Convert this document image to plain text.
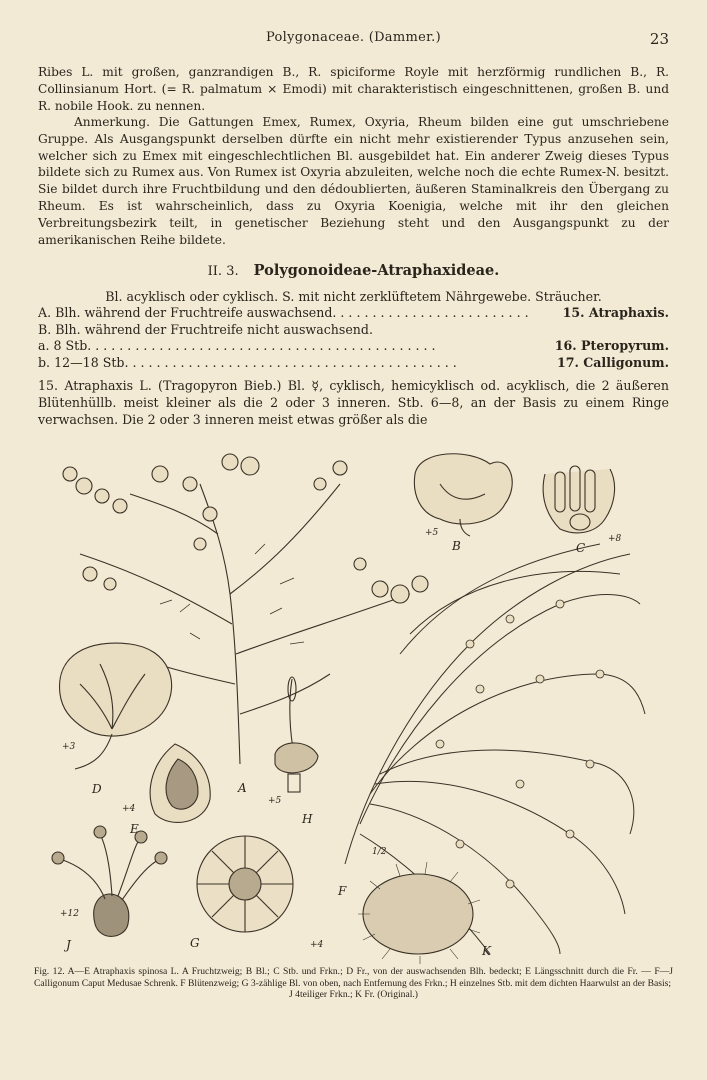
Polygonaceae. (Dammer.)	23
Ribes L. mit großen, ganzrandigen B., R. spiciforme Royle mit herzförmig rundlichen B., R. Collinsianum Hort. (= R. palmatum × Emodi) mit charakteristisch eingeschnittenen, großen B. und R. nobile Hook. zu nennen.
Anmerkung. Die Gattungen Emex, Rumex, Oxyria, Rheum bilden eine gut umschriebene Gruppe. Als Ausgangspunkt derselben dürfte ein nicht mehr existierender Typus anzusehen sein, welcher sich zu Emex mit eingeschlechtlichen Bl. ausgebildet hat. Ein anderer Zweig dieses Typus bildete sich zu Rumex aus. Von Rumex ist Oxyria abzuleiten, welche noch die echte Rumex-N. besitzt. Sie bildet durch ihre Fruchtbildung und den dédoublierten, äußeren Staminalkreis den Übergang zu Rheum. Es ist wahrscheinlich, dass zu Oxyria Koenigia, welche mit ihr den gleichen Verbreitungsbezirk teilt, in genetischer Beziehung steht und den Ausgangspunkt zu der amerikanischen Reihe bildete.
II. 3. Polygonoideae-Atraphaxideae.
Bl. acyklisch oder cyklisch. S. mit nicht zerklüftetem Nährgewebe. Sträucher.
A. Blh. während der Fruchtreife auswachsend. . . . . . . . . . . . . . . . . . . . . . . . .	15. Atraphaxis.
B. Blh. während der Fruchtreife nicht auswachsend.
a. 8 Stb. . . . . . . . . . . . . . . . . . . . . . . . . . . . . . . . . . . . . . . . . . . .	16. Pteropyrum.
b. 12—18 Stb. . . . . . . . . . . . . . . . . . . . . . . . . . . . . . . . . . . . . . . . . .	17. Calligonum.
15. Atraphaxis L. (Tragopyron Bieb.) Bl. ☿, cyklisch, hemicyklisch od. acyklisch, die 2 äußeren Blütenhüllb. meist kleiner als die 2 oder 3 inneren. Stb. 6—8, an der Basis zu einem Ringe verwachsen. Die 2 oder 3 inneren meist etwas größer als die
A
B	C
D
E
F
G
H
J	K
+5
+8
+3
+4
+5
+12
+4
1/2
Fig. 12. A—E Atraphaxis spinosa L. A Fruchtzweig; B Bl.; C Stb. und Frkn.; D Fr., von der auswachsenden Blh. bedeckt; E Längsschnitt durch die Fr. — F—J Calligonum Caput Medusae Schrenk. F Blütenzweig; G 3-zählige Bl. von oben, nach Entfernung des Frkn.; H einzelnes Stb. mit dem dichten Haarwulst an der Basis;
J 4teiliger Frkn.; K Fr. (Original.)
